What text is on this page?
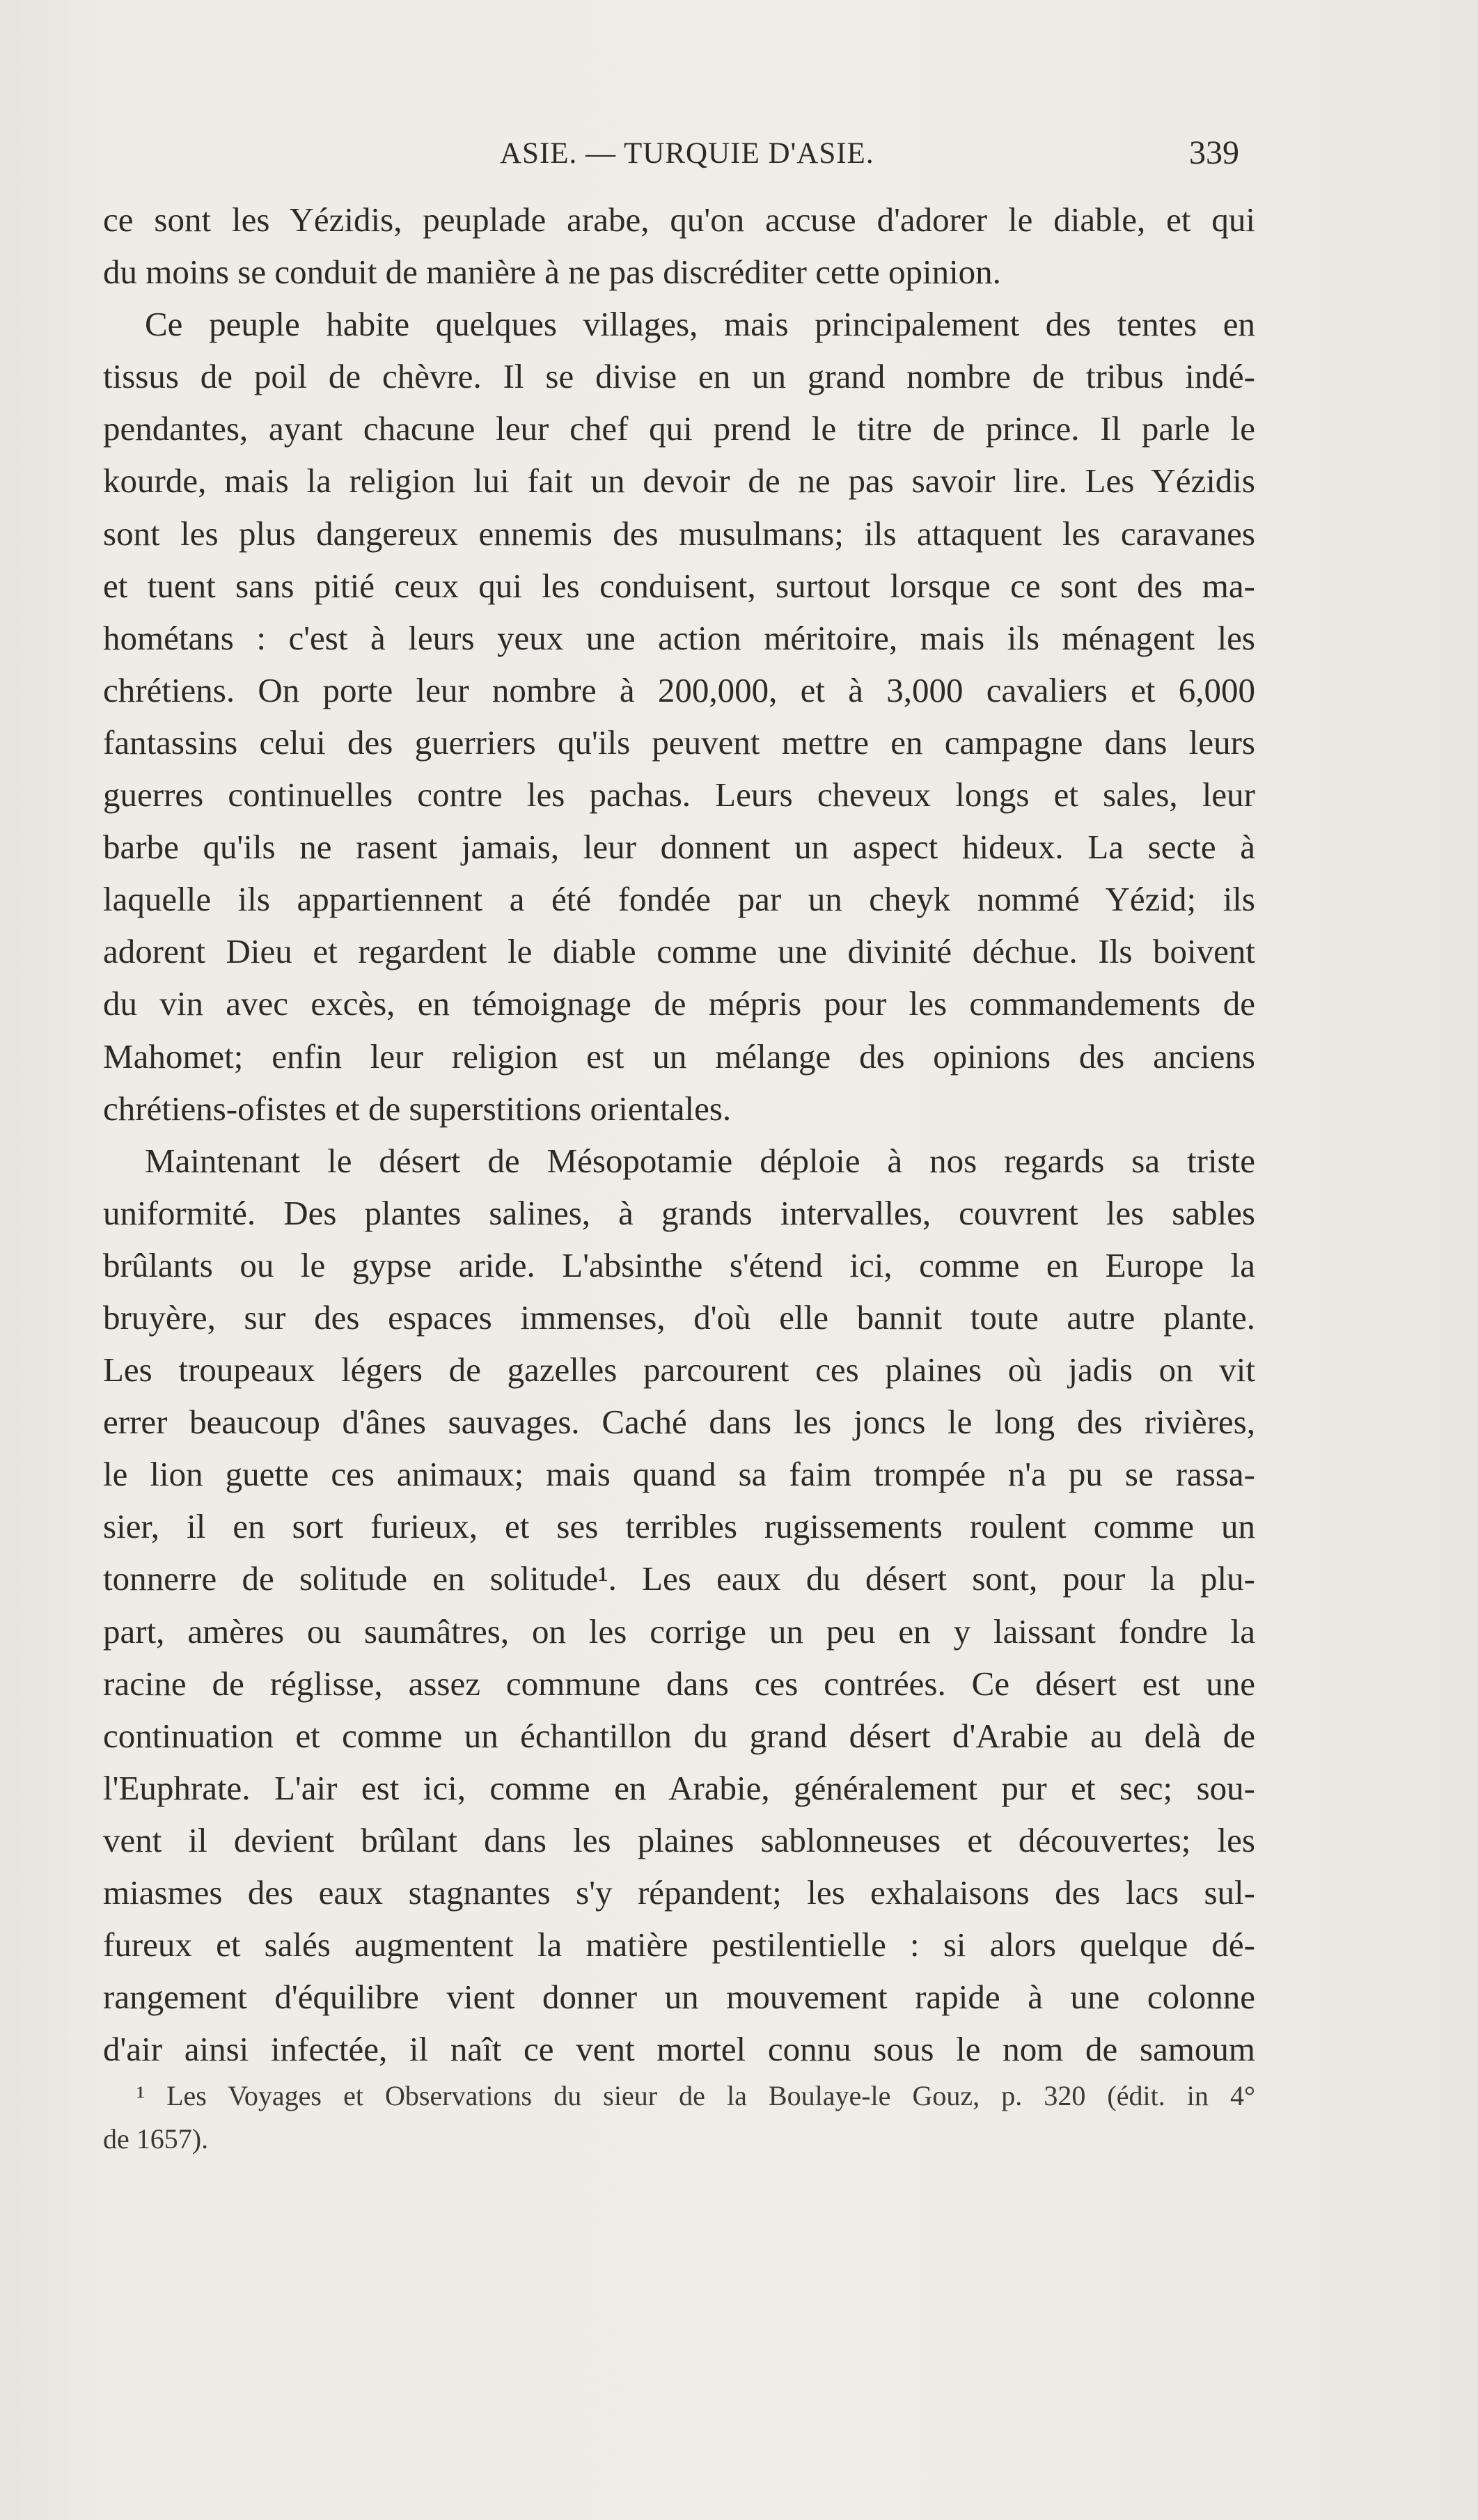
ASIE. — TURQUIE D'ASIE.	339
ce sont les Yézidis, peuplade arabe, qu'on accuse d'adorer le diable, et qui
du moins se conduit de manière à ne pas discréditer cette opinion.
Ce peuple habite quelques villages, mais principalement des tentes en
tissus de poil de chèvre. Il se divise en un grand nombre de tribus indé-
pendantes, ayant chacune leur chef qui prend le titre de prince. Il parle le
kourde, mais la religion lui fait un devoir de ne pas savoir lire. Les Yézidis
sont les plus dangereux ennemis des musulmans; ils attaquent les caravanes
et tuent sans pitié ceux qui les conduisent, surtout lorsque ce sont des ma-
hométans : c'est à leurs yeux une action méritoire, mais ils ménagent les
chrétiens. On porte leur nombre à 200,000, et à 3,000 cavaliers et 6,000
fantassins celui des guerriers qu'ils peuvent mettre en campagne dans leurs
guerres continuelles contre les pachas. Leurs cheveux longs et sales, leur
barbe qu'ils ne rasent jamais, leur donnent un aspect hideux. La secte à
laquelle ils appartiennent a été fondée par un cheyk nommé Yézid; ils
adorent Dieu et regardent le diable comme une divinité déchue. Ils boivent
du vin avec excès, en témoignage de mépris pour les commandements de
Mahomet; enfin leur religion est un mélange des opinions des anciens
chrétiens-ofistes et de superstitions orientales.
Maintenant le désert de Mésopotamie déploie à nos regards sa triste
uniformité. Des plantes salines, à grands intervalles, couvrent les sables
brûlants ou le gypse aride. L'absinthe s'étend ici, comme en Europe la
bruyère, sur des espaces immenses, d'où elle bannit toute autre plante.
Les troupeaux légers de gazelles parcourent ces plaines où jadis on vit
errer beaucoup d'ânes sauvages. Caché dans les joncs le long des rivières,
le lion guette ces animaux; mais quand sa faim trompée n'a pu se rassa-
sier, il en sort furieux, et ses terribles rugissements roulent comme un
tonnerre de solitude en solitude¹. Les eaux du désert sont, pour la plu-
part, amères ou saumâtres, on les corrige un peu en y laissant fondre la
racine de réglisse, assez commune dans ces contrées. Ce désert est une
continuation et comme un échantillon du grand désert d'Arabie au delà de
l'Euphrate. L'air est ici, comme en Arabie, généralement pur et sec; sou-
vent il devient brûlant dans les plaines sablonneuses et découvertes; les
miasmes des eaux stagnantes s'y répandent; les exhalaisons des lacs sul-
fureux et salés augmentent la matière pestilentielle : si alors quelque dé-
rangement d'équilibre vient donner un mouvement rapide à une colonne
d'air ainsi infectée, il naît ce vent mortel connu sous le nom de samoum
¹ Les Voyages et Observations du sieur de la Boulaye-le Gouz, p. 320 (édit. in 4°
de 1657).
